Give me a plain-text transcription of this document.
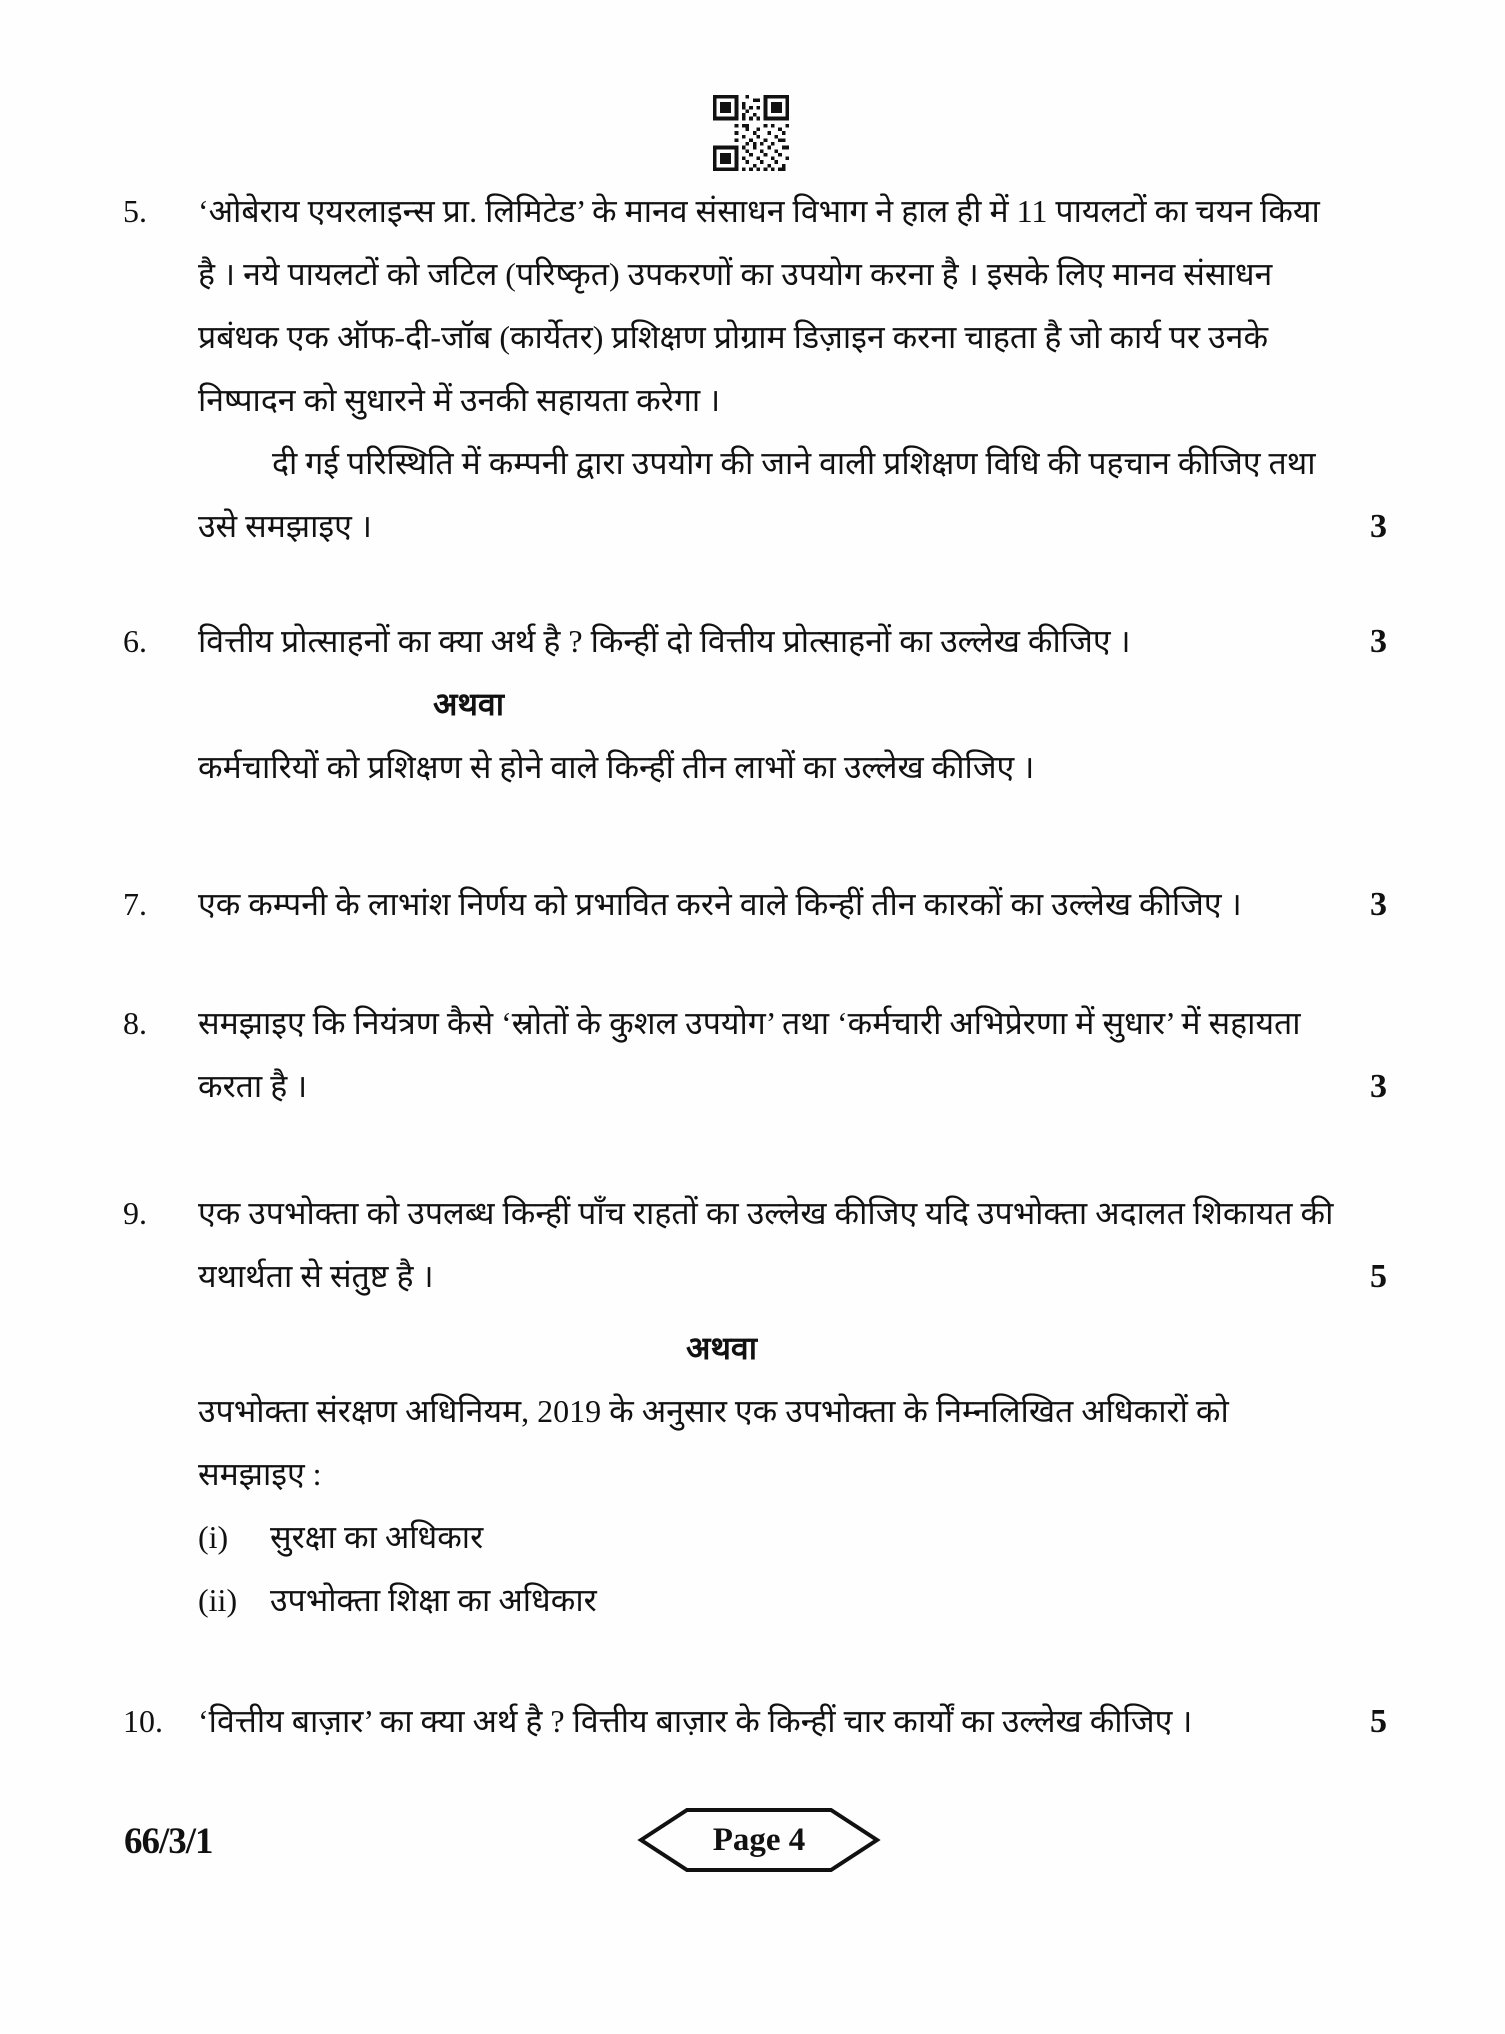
5.	‘ओबेराय एयरलाइन्स प्रा. लिमिटेड’ के मानव संसाधन विभाग ने हाल ही में 11 पायलटों का चयन किया
है । नये पायलटों को जटिल (परिष्कृत) उपकरणों का उपयोग करना है । इसके लिए मानव संसाधन
प्रबंधक एक ऑफ-दी-जॉब (कार्येतर) प्रशिक्षण प्रोग्राम डिज़ाइन करना चाहता है जो कार्य पर उनके
निष्पादन को सुधारने में उनकी सहायता करेगा ।
दी गई परिस्थिति में कम्पनी द्वारा उपयोग की जाने वाली प्रशिक्षण विधि की पहचान कीजिए तथा
उसे समझाइए ।	3
6.	वित्तीय प्रोत्साहनों का क्या अर्थ है ? किन्हीं दो वित्तीय प्रोत्साहनों का उल्लेख कीजिए ।	3
अथवा
कर्मचारियों को प्रशिक्षण से होने वाले किन्हीं तीन लाभों का उल्लेख कीजिए ।
7.	एक कम्पनी के लाभांश निर्णय को प्रभावित करने वाले किन्हीं तीन कारकों का उल्लेख कीजिए ।	3
8.	समझाइए कि नियंत्रण कैसे ‘स्रोतों के कुशल उपयोग’ तथा ‘कर्मचारी अभिप्रेरणा में सुधार’ में सहायता
करता है ।	3
9.	एक उपभोक्ता को उपलब्ध किन्हीं पाँच राहतों का उल्लेख कीजिए यदि उपभोक्ता अदालत शिकायत की
यथार्थता से संतुष्ट है ।	5
अथवा
उपभोक्ता संरक्षण अधिनियम, 2019 के अनुसार एक उपभोक्ता के निम्नलिखित अधिकारों को
समझाइए :
(i) सुरक्षा का अधिकार
(ii) उपभोक्ता शिक्षा का अधिकार
10.	‘वित्तीय बाज़ार’ का क्या अर्थ है ? वित्तीय बाज़ार के किन्हीं चार कार्यों का उल्लेख कीजिए ।	5
66/3/1	Page 4
